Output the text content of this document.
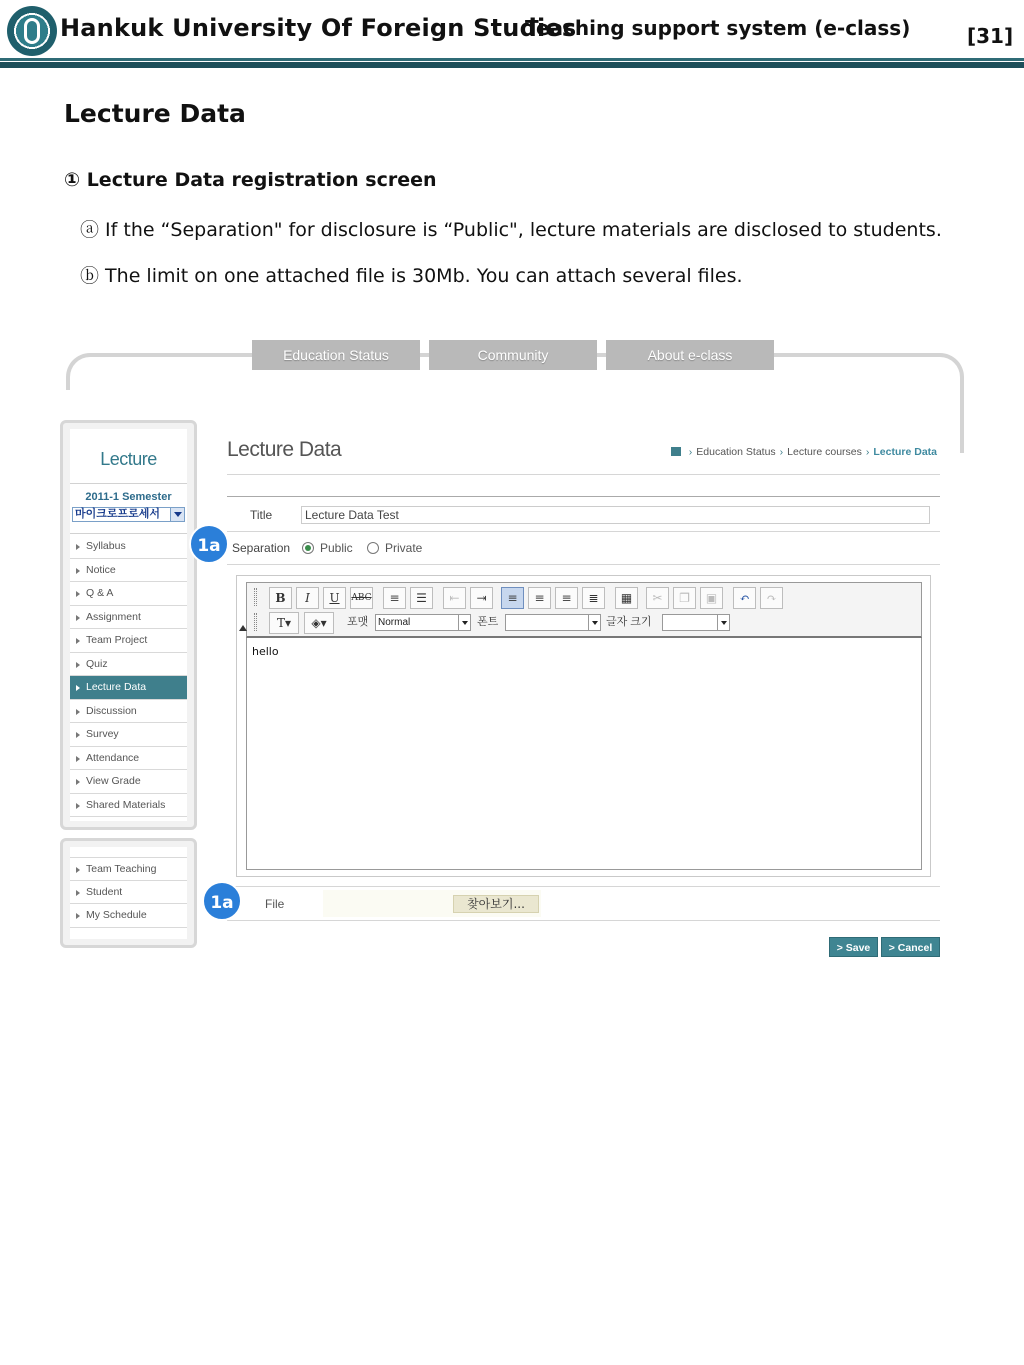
Hankuk University Of Foreign Studies
Teaching support system (e-class)	[31]
Lecture Data
① Lecture Data registration screen
ⓐ If the “Separation" for disclosure is “Public", lecture materials are disclosed to students.
ⓑ The limit on one attached file is 30Mb. You can attach several files.
Education Status	Community	About e-class
Lecture
2011-1 Semester
마이크로프로세서
Syllabus
Notice
Q & A
Assignment
Team Project
Quiz
Lecture Data
Discussion
Survey
Attendance
View Grade
Shared Materials
Team Teaching
Student
My Schedule
Lecture Data	› Education Status › Lecture courses › Lecture Data
Title	Lecture Data Test
Separation Public	Private
1a
B	I	U	ABC	≡	☰	⇤	⇥	≡	≡	≡	≣	▦	✂	❐	▣	↶	↷
T▾	◈▾	포맷 Normal	폰트	글자 크기
hello
File	찾아보기...
1a
> Save	> Cancel
